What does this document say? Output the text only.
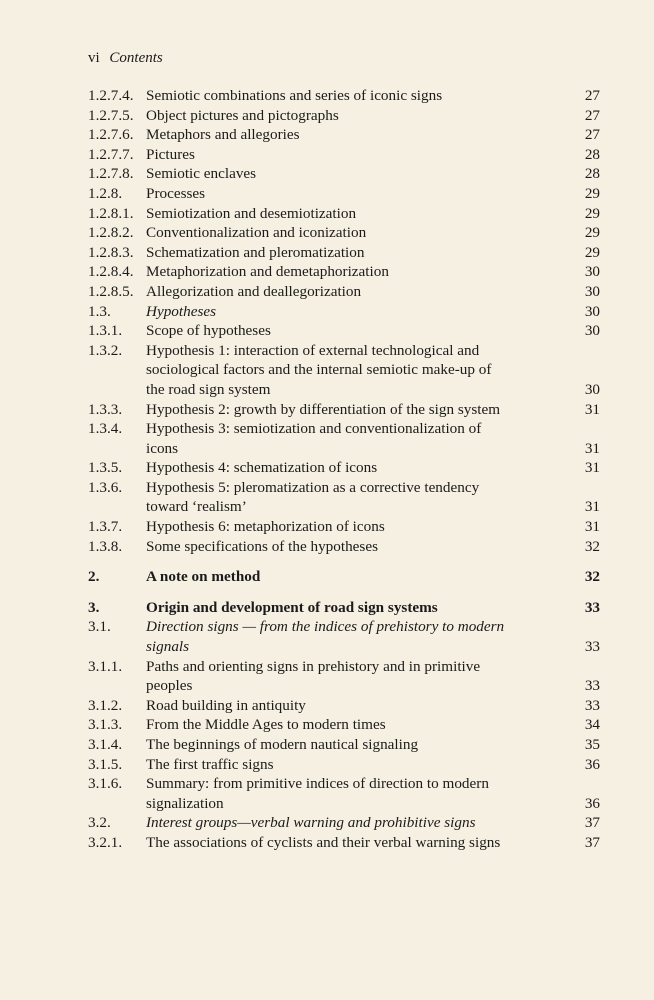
vi Contents
1.2.7.4. Semiotic combinations and series of iconic signs	27
1.2.7.5. Object pictures and pictographs	27
1.2.7.6. Metaphors and allegories	27
1.2.7.7. Pictures	28
1.2.7.8. Semiotic enclaves	28
1.2.8.	Processes	29
1.2.8.1. Semiotization and desemiotization	29
1.2.8.2. Conventionalization and iconization	29
1.2.8.3. Schematization and pleromatization	29
1.2.8.4. Metaphorization and demetaphorization	30
1.2.8.5. Allegorization and deallegorization	30
1.3.	Hypotheses	30
1.3.1.	Scope of hypotheses	30
1.3.2.	Hypothesis 1: interaction of external technological and sociological factors and the internal semiotic make-up of the road sign system	30
1.3.3.	Hypothesis 2: growth by differentiation of the sign system	31
1.3.4.	Hypothesis 3: semiotization and conventionalization of icons	31
1.3.5.	Hypothesis 4: schematization of icons	31
1.3.6.	Hypothesis 5: pleromatization as a corrective tendency toward ‘realism’	31
1.3.7.	Hypothesis 6: metaphorization of icons	31
1.3.8.	Some specifications of the hypotheses	32
2.	A note on method	32
3.	Origin and development of road sign systems	33
3.1.	Direction signs — from the indices of prehistory to modern signals	33
3.1.1.	Paths and orienting signs in prehistory and in primitive peoples	33
3.1.2.	Road building in antiquity	33
3.1.3.	From the Middle Ages to modern times	34
3.1.4.	The beginnings of modern nautical signaling	35
3.1.5.	The first traffic signs	36
3.1.6.	Summary: from primitive indices of direction to modern signalization	36
3.2.	Interest groups—verbal warning and prohibitive signs	37
3.2.1.	The associations of cyclists and their verbal warning signs	37
